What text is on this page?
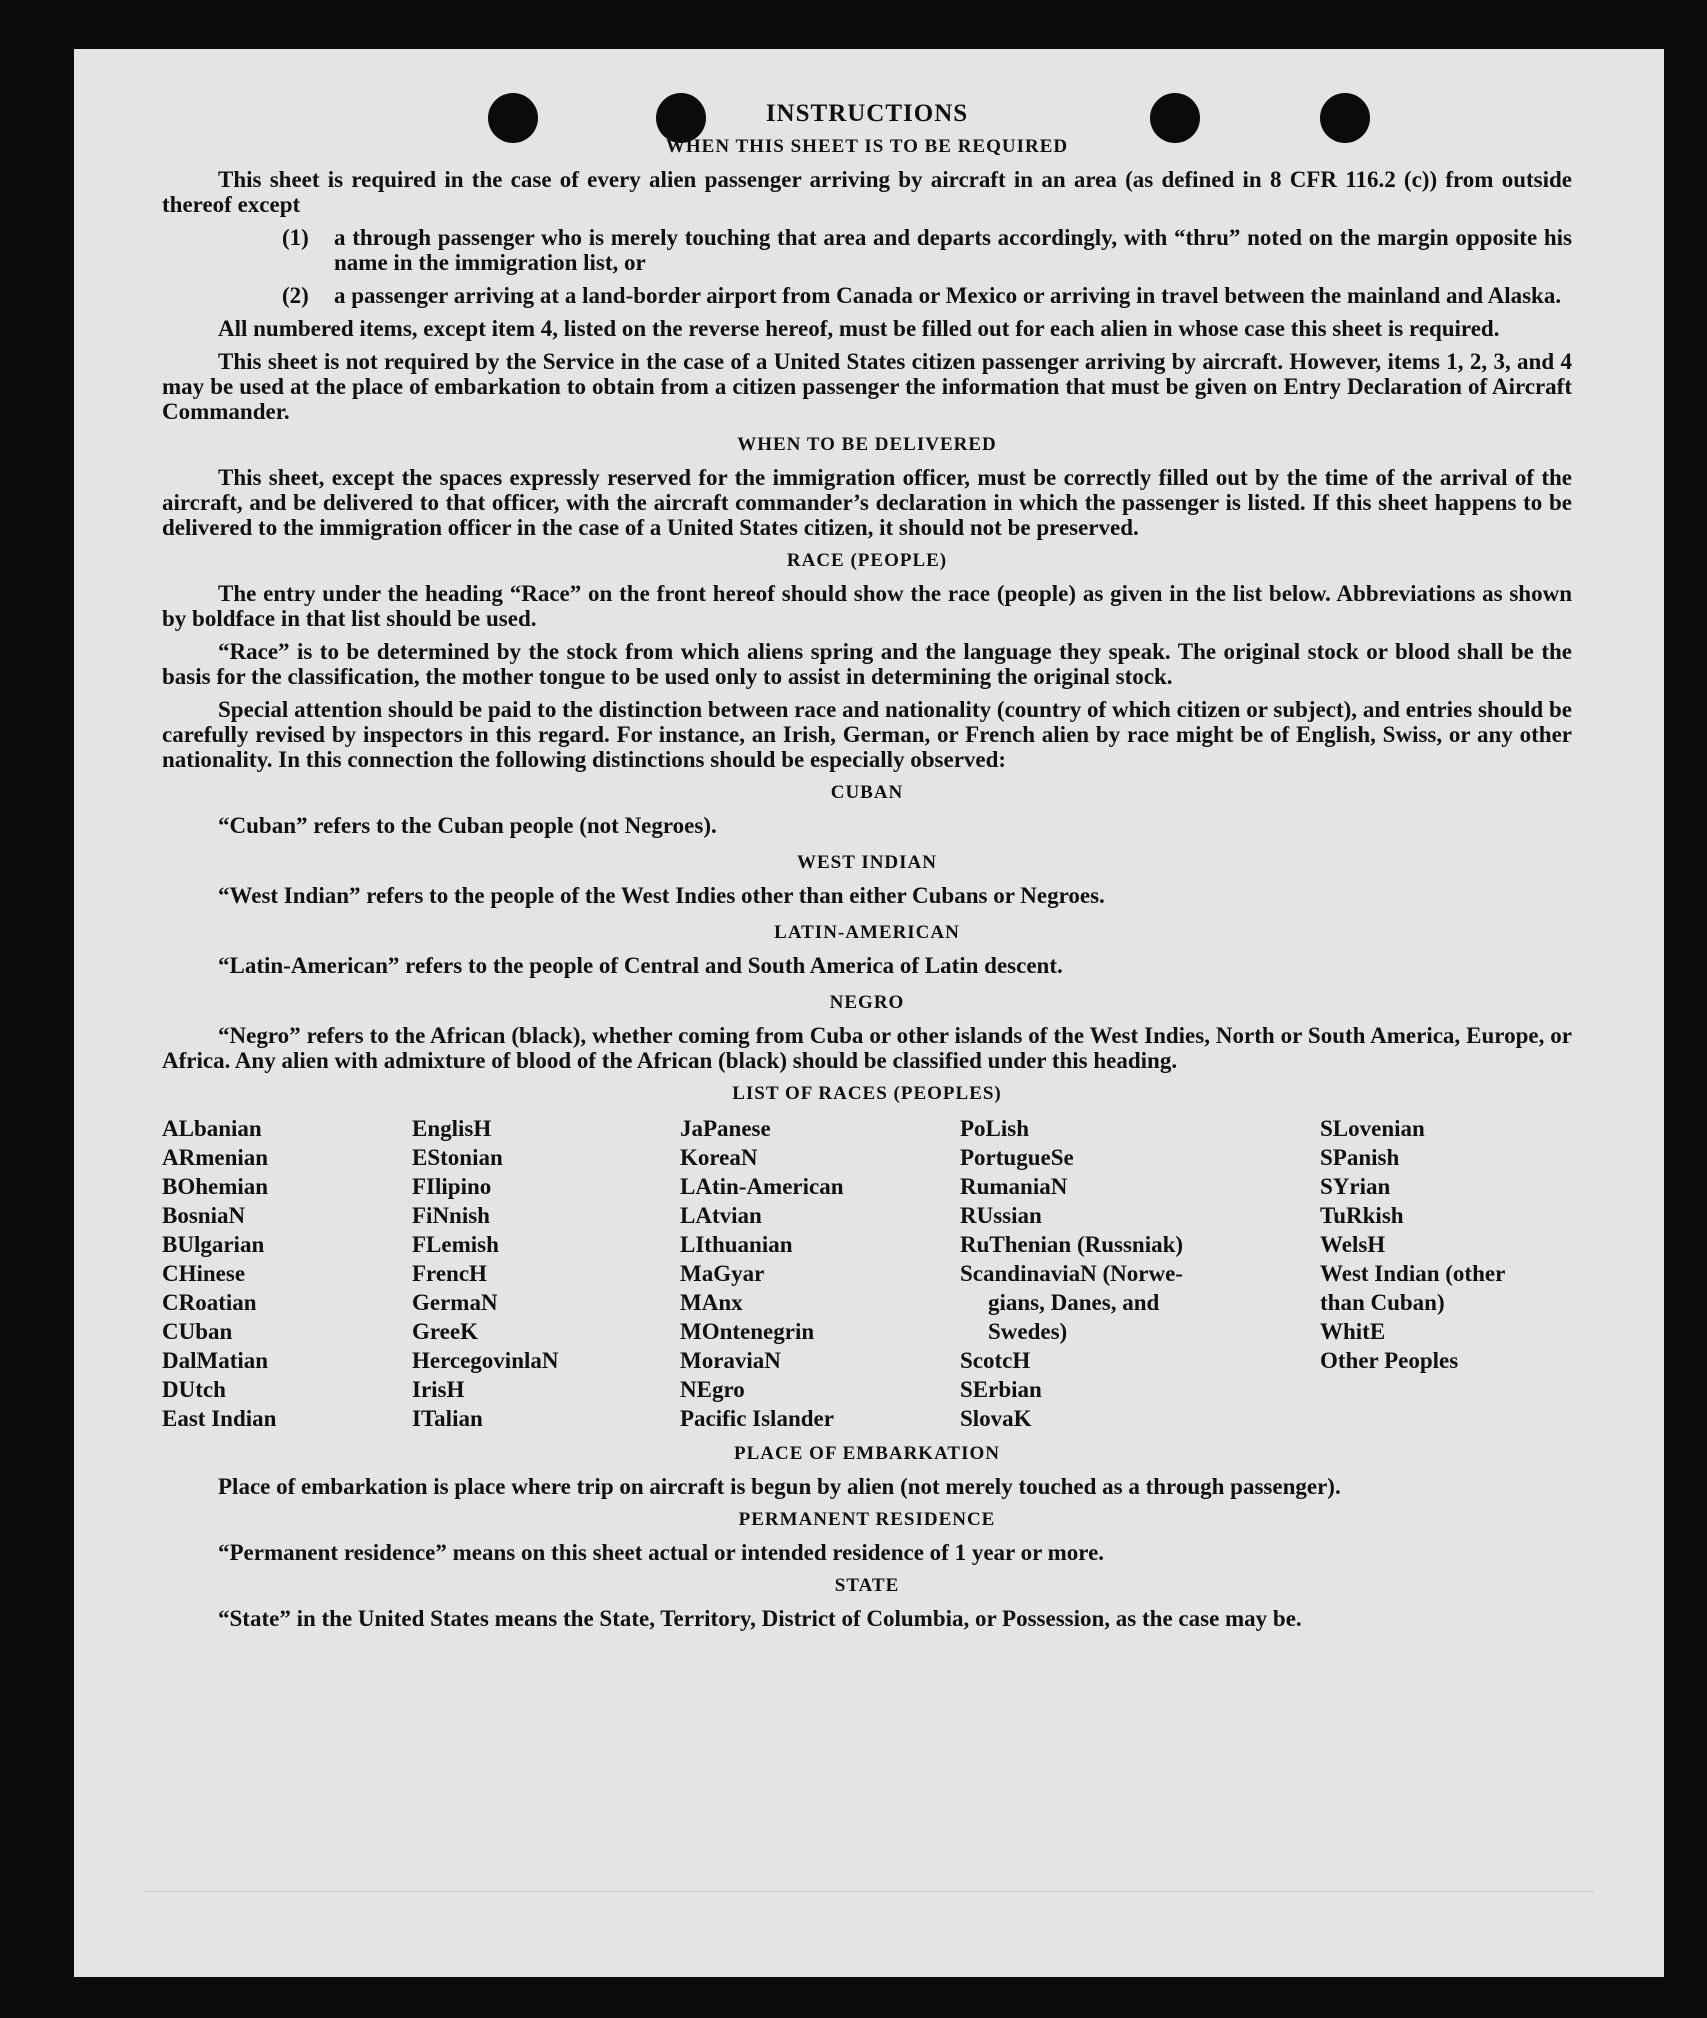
INSTRUCTIONS
WHEN THIS SHEET IS TO BE REQUIRED

This sheet is required in the case of every alien passenger arriving by aircraft in an area (as defined in 8 CFR 116.2 (c)) from outside thereof except

(1)	a through passenger who is merely touching that area and departs accordingly, with “thru” noted on the margin opposite his name in the immigration list, or
(2)	a passenger arriving at a land-border airport from Canada or Mexico or arriving in travel between the mainland and Alaska.

All numbered items, except item 4, listed on the reverse hereof, must be filled out for each alien in whose case this sheet is required.

This sheet is not required by the Service in the case of a United States citizen passenger arriving by aircraft. However, items 1, 2, 3, and 4 may be used at the place of embarkation to obtain from a citizen passenger the information that must be given on Entry Declaration of Aircraft Commander.

WHEN TO BE DELIVERED

This sheet, except the spaces expressly reserved for the immigration officer, must be correctly filled out by the time of the arrival of the aircraft, and be delivered to that officer, with the aircraft commander’s declaration in which the passenger is listed. If this sheet happens to be delivered to the immigration officer in the case of a United States citizen, it should not be preserved.

RACE (PEOPLE)

The entry under the heading “Race” on the front hereof should show the race (people) as given in the list below. Abbreviations as shown by boldface in that list should be used.

“Race” is to be determined by the stock from which aliens spring and the language they speak. The original stock or blood shall be the basis for the classification, the mother tongue to be used only to assist in determining the original stock.

Special attention should be paid to the distinction between race and nationality (country of which citizen or subject), and entries should be carefully revised by inspectors in this regard. For instance, an Irish, German, or French alien by race might be of English, Swiss, or any other nationality. In this connection the following distinctions should be especially observed:

CUBAN

“Cuban” refers to the Cuban people (not Negroes).

WEST INDIAN

“West Indian” refers to the people of the West Indies other than either Cubans or Negroes.

LATIN-AMERICAN

“Latin-American” refers to the people of Central and South America of Latin descent.

NEGRO

“Negro” refers to the African (black), whether coming from Cuba or other islands of the West Indies, North or South America, Europe, or Africa. Any alien with admixture of blood of the African (black) should be classified under this heading.

LIST OF RACES (PEOPLES)
ALbanian
ARmenian
BOhemian
BosniaN
BUlgarian
CHinese
CRoatian
CUban
DalMatian
DUtch
East Indian
EnglisH
EStonian
FIlipino
FiNnish
FLemish
FrencH
GermaN
GreeK
HercegovinlaN
IrisH
ITalian
JaPanese
KoreaN
LAtin-American
LAtvian
LIthuanian
MaGyar
MAnx
MOntenegrin
MoraviaN
NEgro
Pacific Islander
PoLish
PortugueSe
RumaniaN
RUssian
RuThenian (Russniak)
ScandinaviaN (Norwe-
gians, Danes, and
Swedes)
ScotcH
SErbian
SlovaK
SLovenian
SPanish
SYrian
TuRkish
WelsH
West Indian (other
than Cuban)
WhitE
Other Peoples
PLACE OF EMBARKATION

Place of embarkation is place where trip on aircraft is begun by alien (not merely touched as a through passenger).

PERMANENT RESIDENCE

“Permanent residence” means on this sheet actual or intended residence of 1 year or more.

STATE

“State” in the United States means the State, Territory, District of Columbia, or Possession, as the case may be.
